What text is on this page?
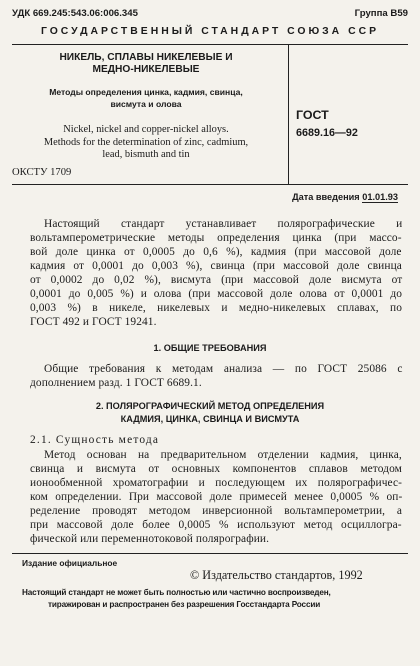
УДК 669.245:543.06:006.345	Группа В59
ГОСУДАРСТВЕННЫЙ СТАНДАРТ СОЮЗА ССР
НИКЕЛЬ, СПЛАВЫ НИКЕЛЕВЫЕ И
МЕДНО-НИКЕЛЕВЫЕ
Методы определения цинка, кадмия, свинца,
висмута и олова
Nickel, nickel and copper-nickel alloys.
Methods for the determination of zinc, cadmium,
lead, bismuth and tin
ОКСТУ 1709
ГОСТ
6689.16—92
Дата введения 01.01.93
Настоящий стандарт устанавливает полярографические и
вольтамперометрические методы определения цинка (при массо-
вой доле цинка от 0,0005 до 0,6 %), кадмия (при массовой доле
кадмия от 0,0001 до 0,003 %), свинца (при массовой доле свинца
от 0,0002 до 0,02 %), висмута (при массовой доле висмута от
0,0001 до 0,005 %) и олова (при массовой доле олова от 0,0001 до
0,003 %) в никеле, никелевых и медно-никелевых сплавах, по
ГОСТ 492 и ГОСТ 19241.
1. ОБЩИЕ ТРЕБОВАНИЯ
Общие требования к методам анализа — по ГОСТ 25086 с
дополнением разд. 1 ГОСТ 6689.1.
2. ПОЛЯРОГРАФИЧЕСКИЙ МЕТОД ОПРЕДЕЛЕНИЯ
КАДМИЯ, ЦИНКА, СВИНЦА И ВИСМУТА
2.1. Сущность метода
Метод основан на предварительном отделении кадмия, цинка,
свинца и висмута от основных компонентов сплавов методом
ионообменной хроматографии и последующем их полярографичес-
ком определении. При массовой доле примесей менее 0,0005 % оп-
ределение проводят методом инверсионной вольтамперометрии, а
при массовой доле более 0,0005 % используют метод осциллогра-
фической или переменнотоковой полярографии.
Издание официальное
© Издательство стандартов, 1992
Настоящий стандарт не может быть полностью или частично воспроизведен,
тиражирован и распространен без разрешения Госстандарта России
